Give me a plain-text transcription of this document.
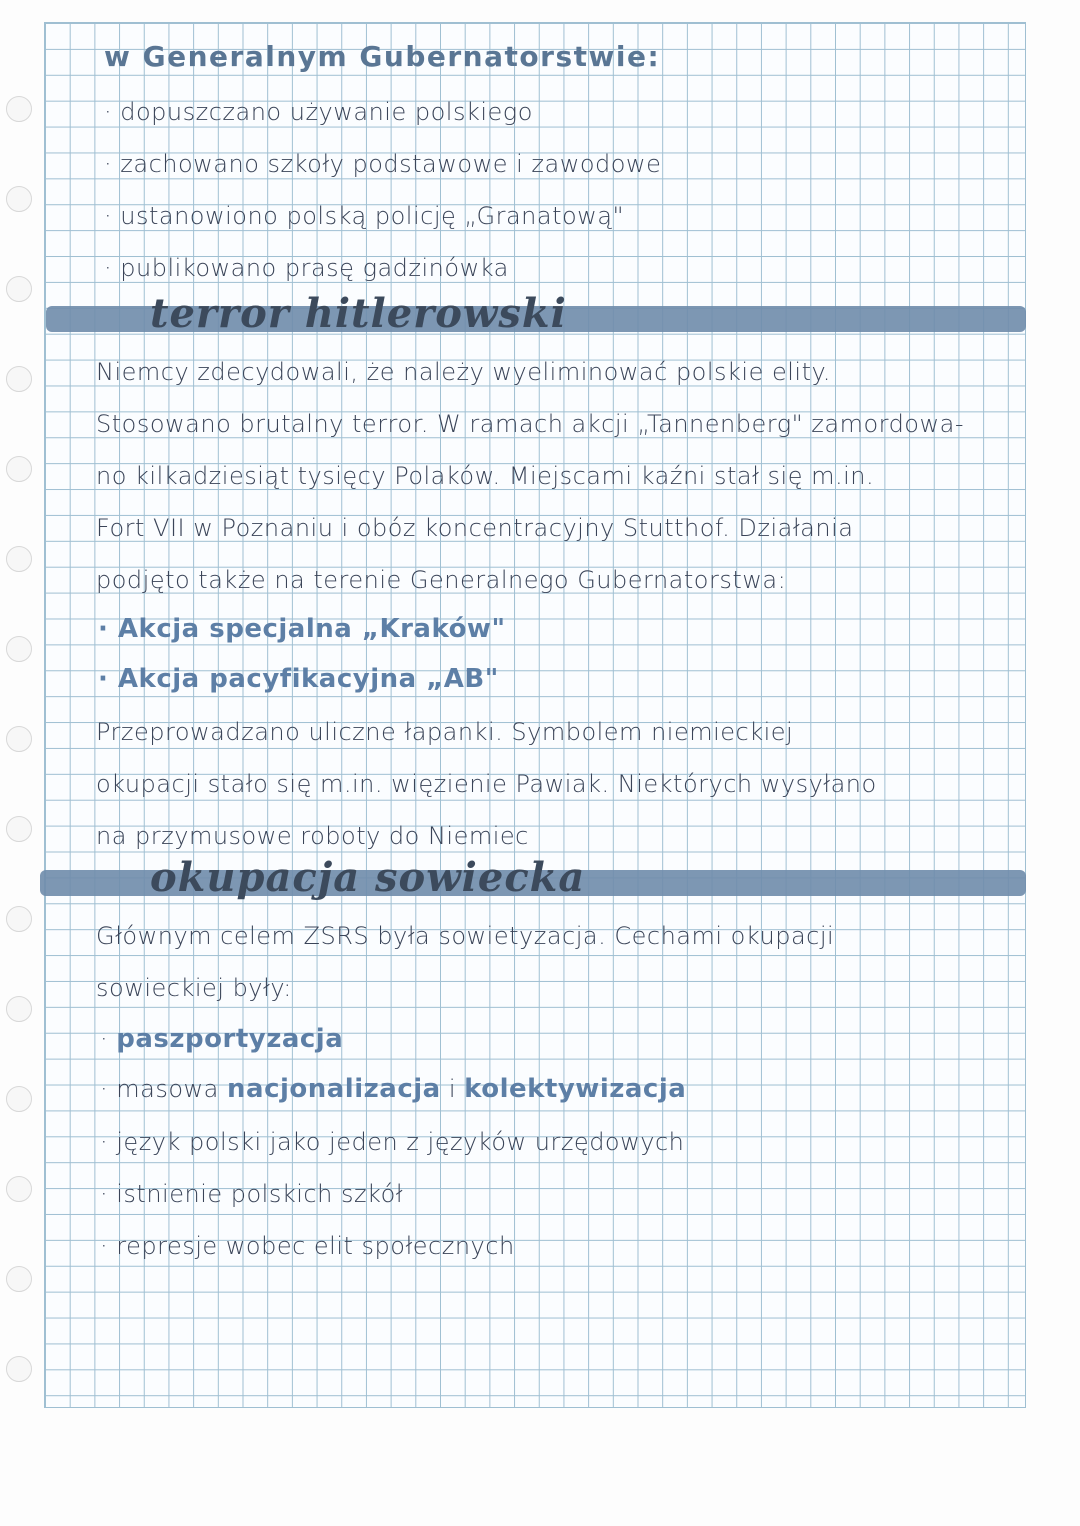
w Generalnym Gubernatorstwie:
· dopuszczano używanie polskiego
· zachowano szkoły podstawowe i zawodowe
· ustanowiono polską policję „Granatową"
· publikowano prasę gadzinówka
terror hitlerowski
Niemcy zdecydowali, że należy wyeliminować polskie elity.
Stosowano brutalny terror. W ramach akcji „Tannenberg" zamordowa-
no kilkadziesiąt tysięcy Polaków. Miejscami kaźni stał się m.in.
Fort VII w Poznaniu i obóz koncentracyjny Stutthof. Działania
podjęto także na terenie Generalnego Gubernatorstwa:
· Akcja specjalna „Kraków"
· Akcja pacyfikacyjna „AB"
Przeprowadzano uliczne łapanki. Symbolem niemieckiej
okupacji stało się m.in. więzienie Pawiak. Niektórych wysyłano
na przymusowe roboty do Niemiec
okupacja sowiecka
Głównym celem ZSRS była sowietyzacja. Cechami okupacji
sowieckiej były:
· paszportyzacja
· masowa nacjonalizacja i kolektywizacja
· język polski jako jeden z języków urzędowych
· istnienie polskich szkół
· represje wobec elit społecznych
